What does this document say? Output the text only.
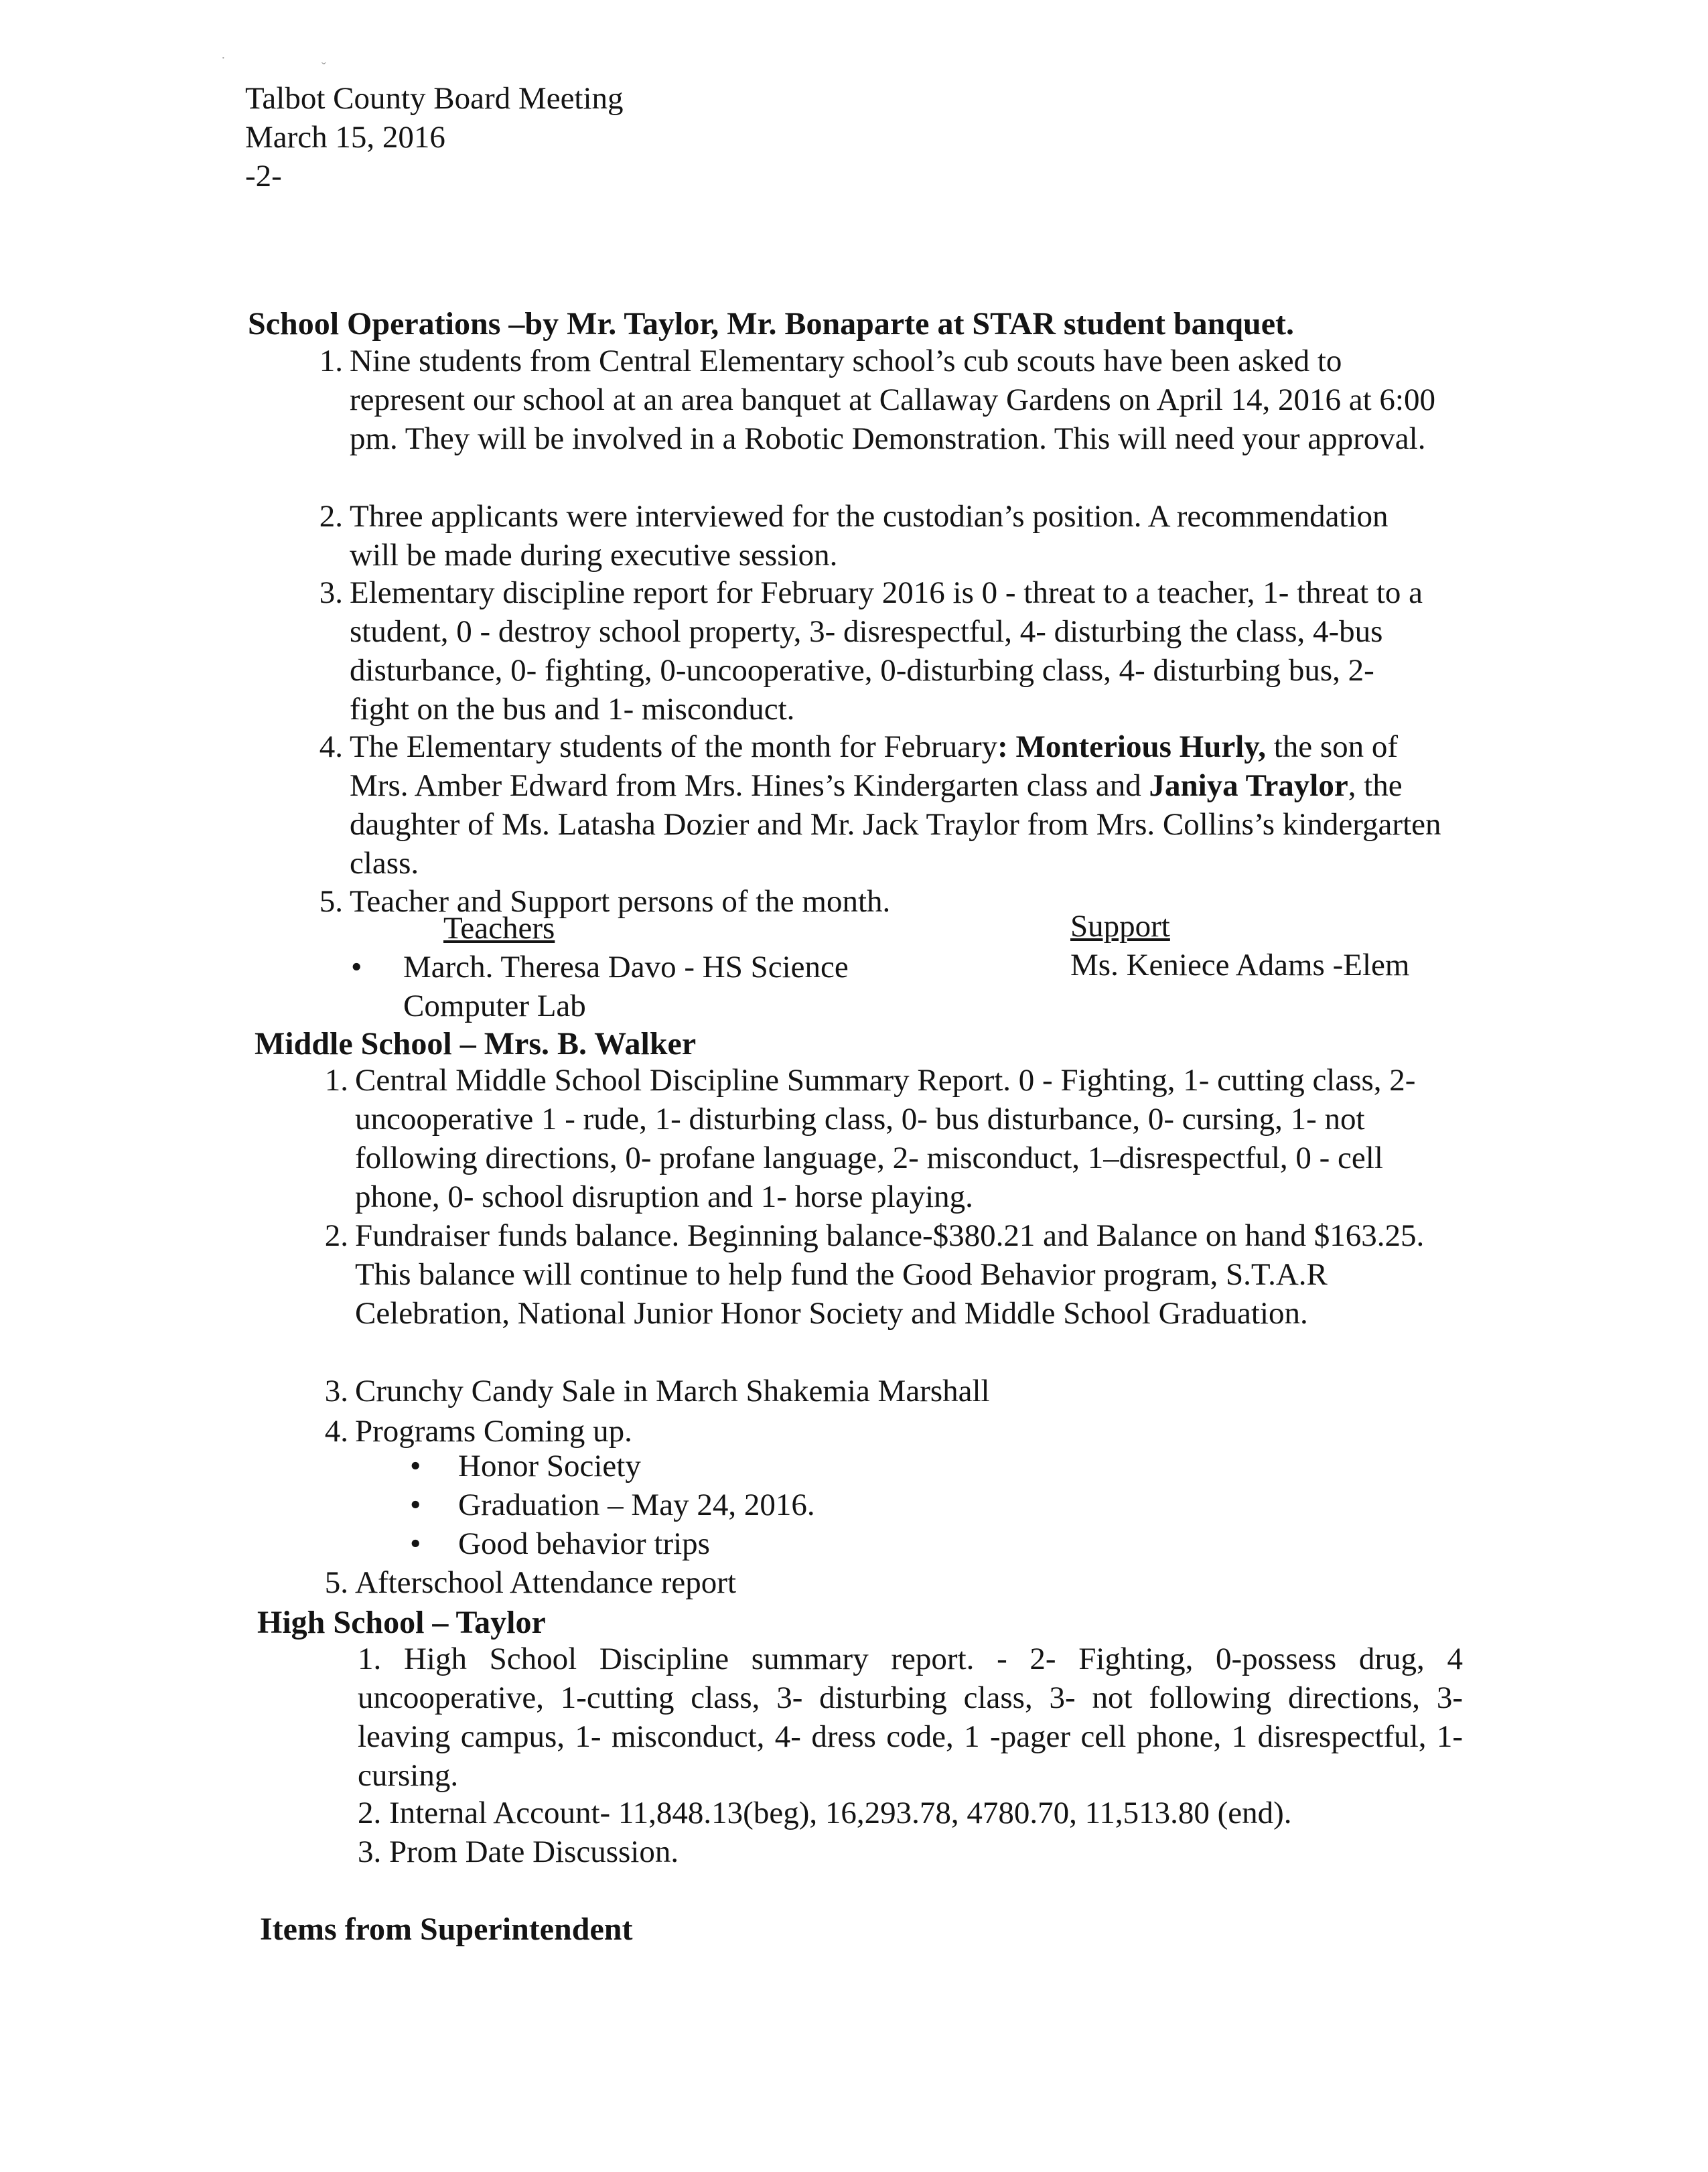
·
ˇ
Talbot County Board Meeting
March 15, 2016
-2-
School Operations –by Mr. Taylor, Mr. Bonaparte at STAR student banquet.
1. Nine students from Central Elementary school’s cub scouts have been asked to represent our school at an area banquet at Callaway Gardens on April 14, 2016 at 6:00 pm. They will be involved in a Robotic Demonstration. This will need your approval.
2. Three applicants were interviewed for the custodian’s position. A recommendation will be made during executive session.
3. Elementary discipline report for February 2016 is 0 - threat to a teacher, 1- threat to a student, 0 - destroy school property, 3- disrespectful, 4- disturbing the class, 4-bus disturbance, 0- fighting, 0-uncooperative, 0-disturbing class, 4- disturbing bus, 2- fight on the bus and 1- misconduct.
4. The Elementary students of the month for February: Monterious Hurly, the son of Mrs. Amber Edward from Mrs. Hines’s Kindergarten class and Janiya Traylor, the daughter of Ms. Latasha Dozier and Mr. Jack Traylor from Mrs. Collins’s kindergarten class.
5. Teacher and Support persons of the month.
Teachers	Support
• March. Theresa Davo - HS Science
Computer Lab
Ms. Keniece Adams -Elem
Middle School – Mrs. B. Walker
1. Central Middle School Discipline Summary Report. 0 - Fighting, 1- cutting class, 2- uncooperative 1 - rude, 1- disturbing class, 0- bus disturbance, 0- cursing, 1- not following directions, 0- profane language, 2- misconduct, 1–disrespectful, 0 - cell phone, 0- school disruption and 1- horse playing.
2. Fundraiser funds balance. Beginning balance-$380.21 and Balance on hand $163.25. This balance will continue to help fund the Good Behavior program, S.T.A.R Celebration, National Junior Honor Society and Middle School Graduation.
3. Crunchy Candy Sale in March Shakemia Marshall
4. Programs Coming up.
• Honor Society
• Graduation – May 24, 2016.
• Good behavior trips
5. Afterschool Attendance report
High School – Taylor
1. High School Discipline summary report. - 2- Fighting, 0-possess drug, 4 uncooperative, 1-cutting class, 3- disturbing class, 3- not following directions, 3- leaving campus, 1- misconduct, 4- dress code, 1 -pager cell phone, 1 disrespectful, 1- cursing.
2. Internal Account- 11,848.13(beg), 16,293.78, 4780.70, 11,513.80 (end).
3. Prom Date Discussion.
Items from Superintendent
